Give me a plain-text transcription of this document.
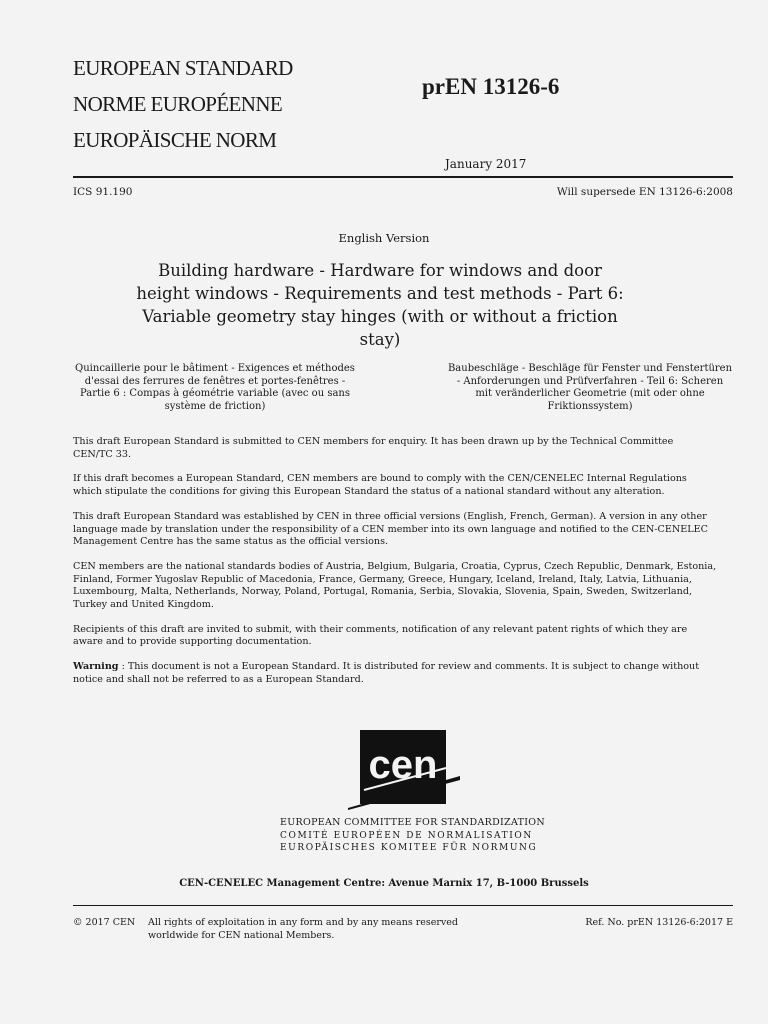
EUROPEAN STANDARD
NORME EUROPÉENNE
EUROPÄISCHE NORM
prEN 13126-6
January 2017
ICS 91.190	Will supersede EN 13126-6:2008
English Version
Building hardware - Hardware for windows and door
height windows - Requirements and test methods - Part 6:
Variable geometry stay hinges (with or without a friction
stay)
Quincaillerie pour le bâtiment - Exigences et méthodes
d'essai des ferrures de fenêtres et portes-fenêtres -
Partie 6 : Compas à géométrie variable (avec ou sans
système de friction)
Baubeschläge - Beschläge für Fenster und Fenstertüren
- Anforderungen und Prüfverfahren - Teil 6: Scheren
mit veränderlicher Geometrie (mit oder ohne
Friktionssystem)

This draft European Standard is submitted to CEN members for enquiry. It has been drawn up by the Technical Committee
CEN/TC 33.

If this draft becomes a European Standard, CEN members are bound to comply with the CEN/CENELEC Internal Regulations
which stipulate the conditions for giving this European Standard the status of a national standard without any alteration.

This draft European Standard was established by CEN in three official versions (English, French, German). A version in any other
language made by translation under the responsibility of a CEN member into its own language and notified to the CEN-CENELEC
Management Centre has the same status as the official versions.

CEN members are the national standards bodies of Austria, Belgium, Bulgaria, Croatia, Cyprus, Czech Republic, Denmark, Estonia,
Finland, Former Yugoslav Republic of Macedonia, France, Germany, Greece, Hungary, Iceland, Ireland, Italy, Latvia, Lithuania,
Luxembourg, Malta, Netherlands, Norway, Poland, Portugal, Romania, Serbia, Slovakia, Slovenia, Spain, Sweden, Switzerland,
Turkey and United Kingdom.

Recipients of this draft are invited to submit, with their comments, notification of any relevant patent rights of which they are
aware and to provide supporting documentation.

Warning : This document is not a European Standard. It is distributed for review and comments. It is subject to change without
notice and shall not be referred to as a European Standard.

cen
EUROPEAN COMMITTEE FOR STANDARDIZATION
COMITÉ EUROPÉEN DE NORMALISATION
EUROPÄISCHES KOMITEE FÜR NORMUNG
CEN-CENELEC Management Centre: Avenue Marnix 17, B-1000 Brussels
© 2017 CEN All rights of exploitation in any form and by any means reserved
worldwide for CEN national Members.
Ref. No. prEN 13126-6:2017 E
